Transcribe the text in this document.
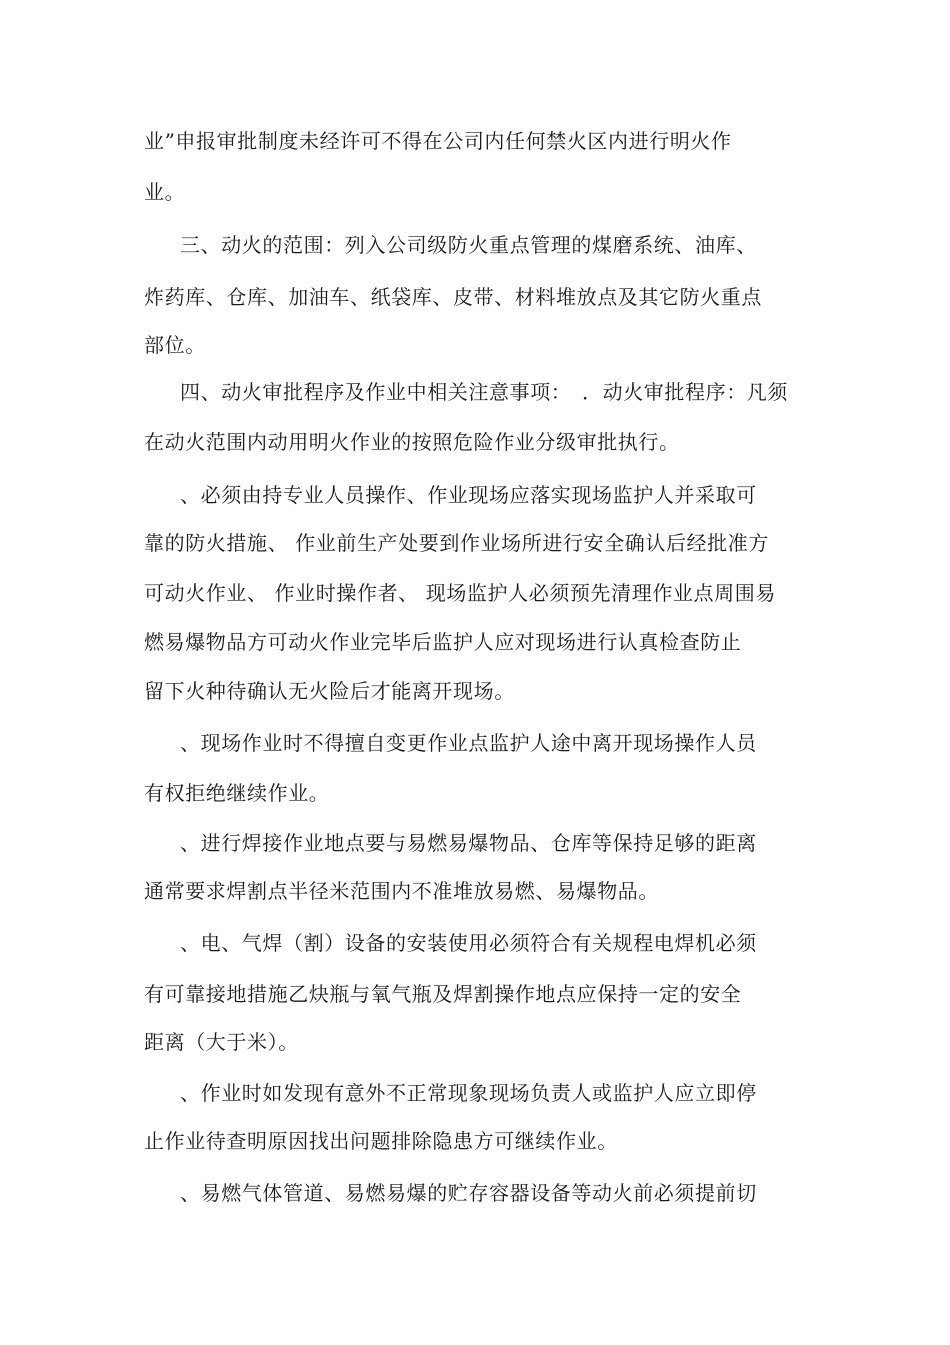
业”申报审批制度未经许可不得在公司内任何禁火区内进行明火作
业。
三、动火的范围：列入公司级防火重点管理的煤磨系统、油库、
炸药库、仓库、加油车、纸袋库、皮带、材料堆放点及其它防火重点
部位。
四、动火审批程序及作业中相关注意事项：　．动火审批程序：凡须
在动火范围内动用明火作业的按照危险作业分级审批执行。
、必须由持专业人员操作、作业现场应落实现场监护人并采取可
靠的防火措施、 作业前生产处要到作业场所进行安全确认后经批准方
可动火作业、 作业时操作者、 现场监护人必须预先清理作业点周围易
燃易爆物品方可动火作业完毕后监护人应对现场进行认真检查防止
留下火种待确认无火险后才能离开现场。
、现场作业时不得擅自变更作业点监护人途中离开现场操作人员
有权拒绝继续作业。
、进行焊接作业地点要与易燃易爆物品、仓库等保持足够的距离
通常要求焊割点半径米范围内不准堆放易燃、易爆物品。
、电、气焊（割）设备的安装使用必须符合有关规程电焊机必须
有可靠接地措施乙炔瓶与氧气瓶及焊割操作地点应保持一定的安全
距离（大于米）。
、作业时如发现有意外不正常现象现场负责人或监护人应立即停
止作业待查明原因找出问题排除隐患方可继续作业。
、易燃气体管道、易燃易爆的贮存容器设备等动火前必须提前切
